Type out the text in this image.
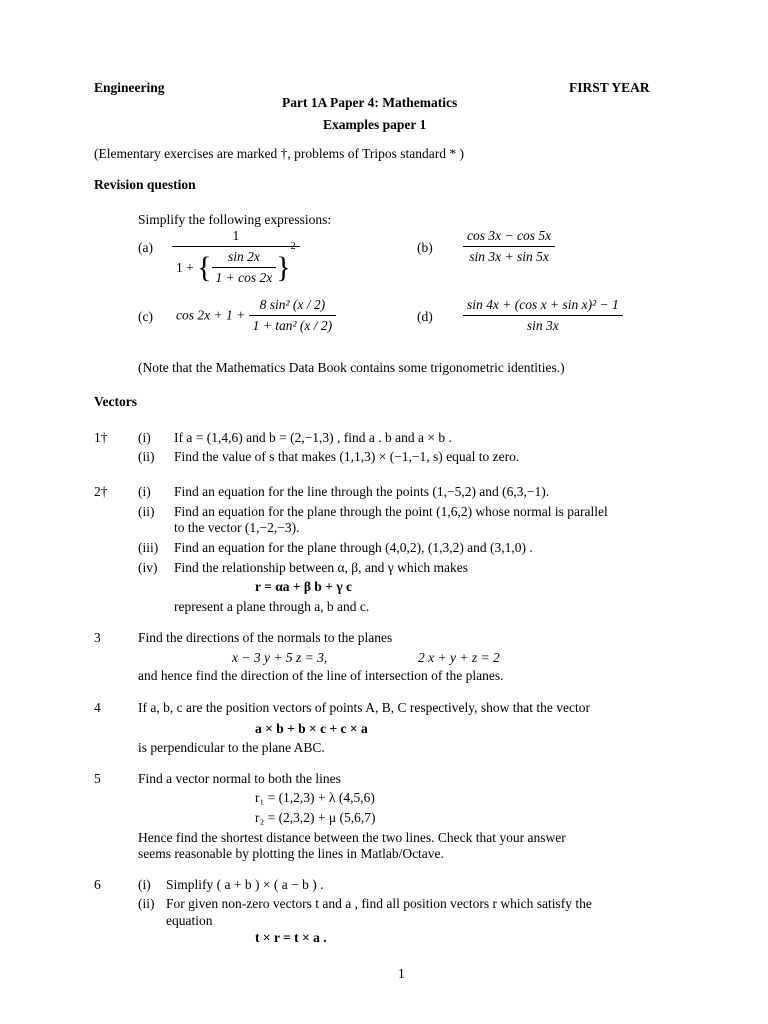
Engineering	FIRST YEAR
Part 1A Paper 4: Mathematics
Examples paper 1
(Elementary exercises are marked †, problems of Tripos standard * )
Revision question
Simplify the following expressions:
$(a) \frac{1}{1 + \{ \frac{\sin 2x}{1 + \cos 2x} \}^2}$	$(b) \frac{\cos 3x - \cos 5x}{\sin 3x + \sin 5x}$
(c) $\cos 2x + 1 + \frac{\text{8 sin² (x / 2)}}{\text{1 + tan² (x / 2)}}$	$(d) \frac{\text{sin 4x + (cos x + sin x)² − 1}}{\sin 3x}$
(Note that the Mathematics Data Book contains some trigonometric identities.)
Vectors
1† (i) If a = (1,4,6) and b = (2,−1,3) , find a . b and a × b .
(ii) Find the value of s that makes (1,1,3) × (−1,−1, s) equal to zero.
2† (i) Find an equation for the line through the points (1,−5,2) and (6,3,−1).
(ii) Find an equation for the plane through the point (1,6,2) whose normal is parallel
to the vector (1,−2,−3).
(iii) Find an equation for the plane through (4,0,2), (1,3,2) and (3,1,0) .
(iv) Find the relationship between α, β, and γ which makes
r = αa + β b + γ c
represent a plane through a, b and c.
3	Find the directions of the normals to the planes
x − 3 y + 5 z = 3,	2 x + y + z = 2
and hence find the direction of the line of intersection of the planes.
4	If a, b, c are the position vectors of points A, B, C respectively, show that the vector
a × b + b × c + c × a
is perpendicular to the plane ABC.
5	Find a vector normal to both the lines
r₁ = (1,2,3) + λ (4,5,6)
r₂ = (2,3,2) + μ (5,6,7)
Hence find the shortest distance between the two lines. Check that your answer
seems reasonable by plotting the lines in Matlab/Octave.
6	(i) Simplify ( a + b ) × ( a − b ) .
(ii) For given non-zero vectors t and a , find all position vectors r which satisfy the
equation
t × r = t × a .
1
